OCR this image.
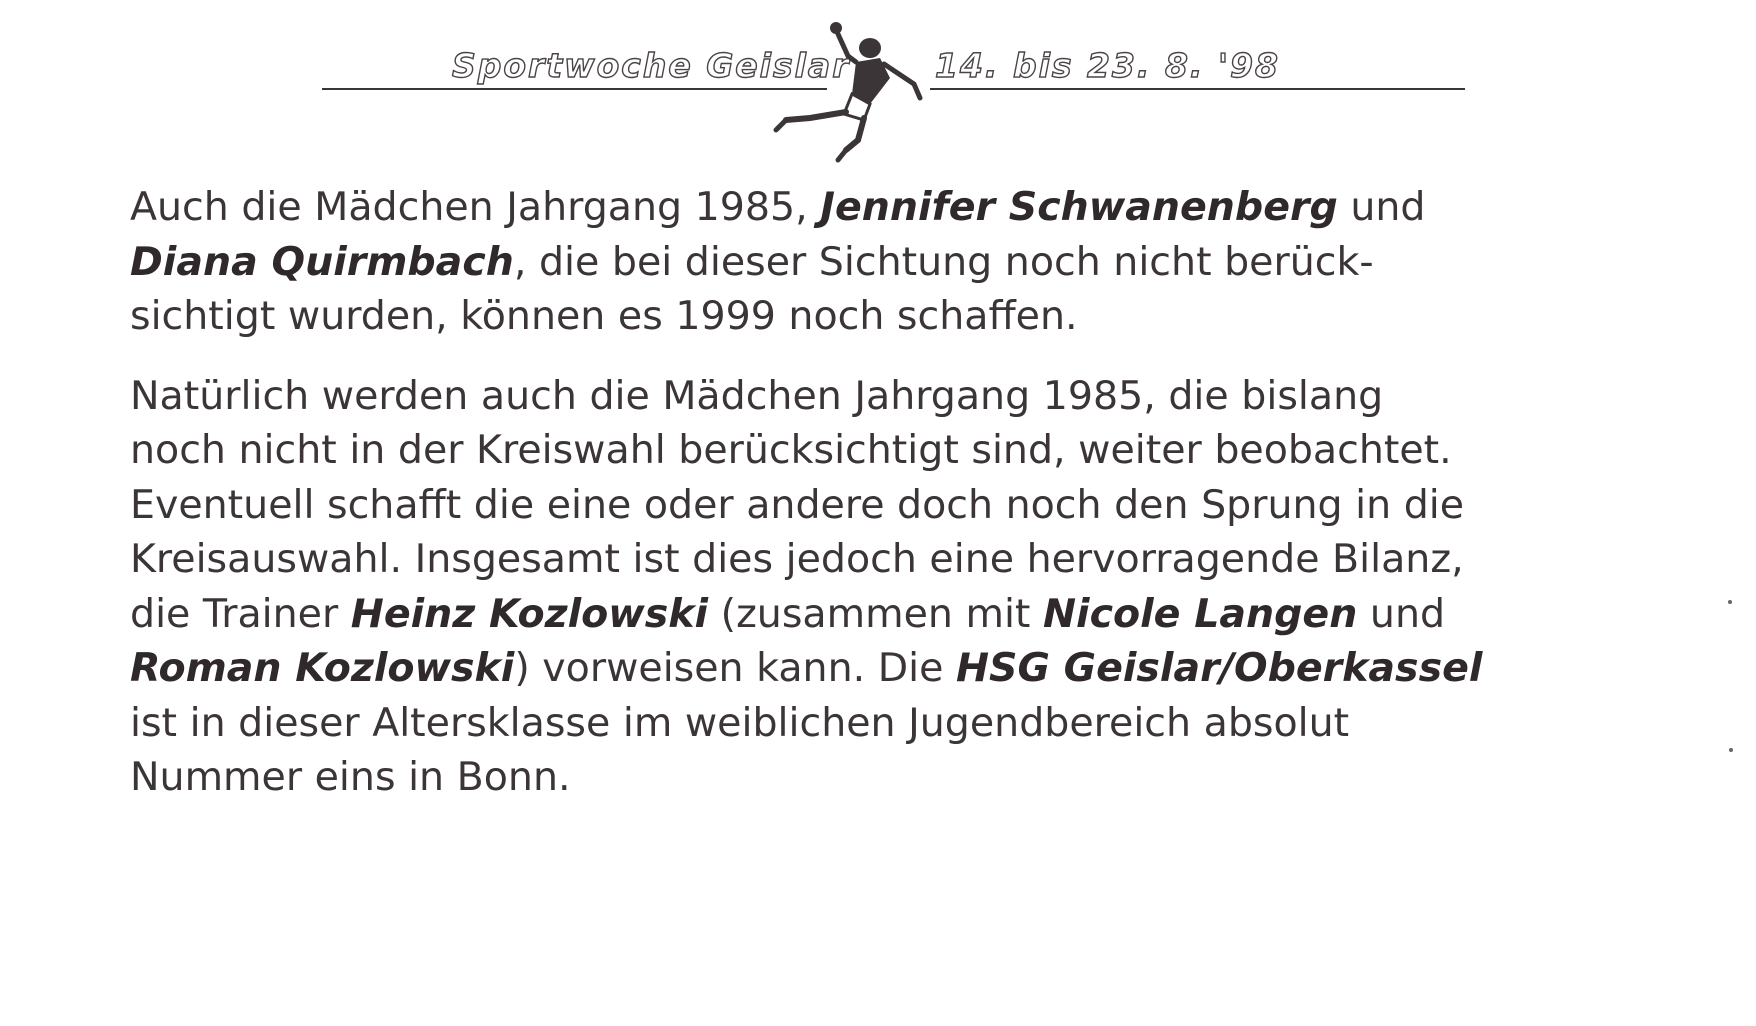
Sportwoche Geislar	14. bis 23. 8. '98

Auch die Mädchen Jahrgang 1985, Jennifer Schwanenberg und
Diana Quirmbach, die bei dieser Sichtung noch nicht berück-
sichtigt wurden, können es 1999 noch schaffen.

Natürlich werden auch die Mädchen Jahrgang 1985, die bislang
noch nicht in der Kreiswahl berücksichtigt sind, weiter beobachtet.
Eventuell schafft die eine oder andere doch noch den Sprung in die
Kreisauswahl. Insgesamt ist dies jedoch eine hervorragende Bilanz,
die Trainer Heinz Kozlowski (zusammen mit Nicole Langen und
Roman Kozlowski) vorweisen kann. Die HSG Geislar/Oberkassel
ist in dieser Altersklasse im weiblichen Jugendbereich absolut
Nummer eins in Bonn.
